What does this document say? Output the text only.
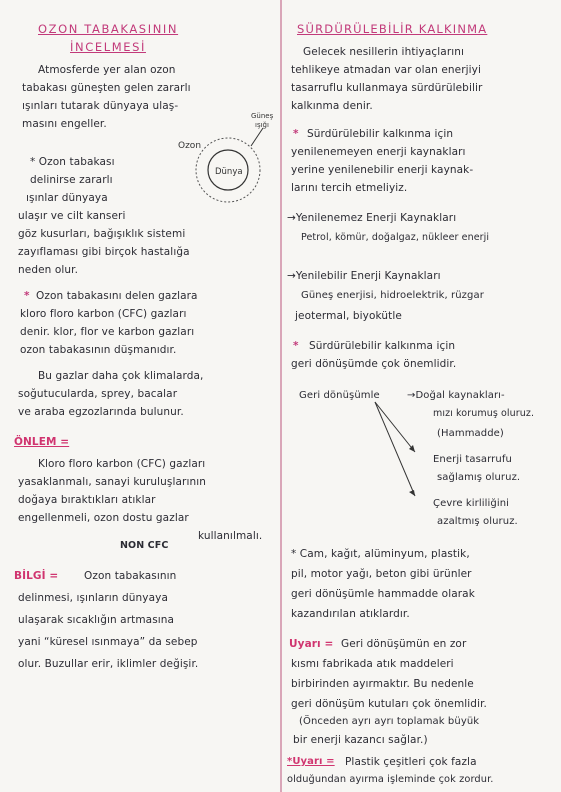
OZON TABAKASININ
İNCELMESİ
Atmosferde yer alan ozon
tabakası güneşten gelen zararlı
ışınları tutarak dünyaya ulaş-
masını engeller.
Ozon
Dünya
Güneş
ışığı
* Ozon tabakası
delinirse zararlı
ışınlar dünyaya
ulaşır ve cilt kanseri
göz kusurları, bağışıklık sistemi
zayıflaması gibi birçok hastalığa
neden olur.
* Ozon tabakasını delen gazlara
kloro floro karbon (CFC) gazları
denir. klor, flor ve karbon gazları
ozon tabakasının düşmanıdır.
Bu gazlar daha çok klimalarda,
soğutucularda, sprey, bacalar
ve araba egzozlarında bulunur.
ÖNLEM =
Kloro floro karbon (CFC) gazları
yasaklanmalı, sanayi kuruluşlarının
doğaya bıraktıkları atıklar
engellenmeli, ozon dostu gazlar
kullanılmalı.
NON CFC
BİLGİ = Ozon tabakasının
delinmesi, ışınların dünyaya
ulaşarak sıcaklığın artmasına
yani “küresel ısınmaya” da sebep
olur. Buzullar erir, iklimler değişir.
SÜRDÜRÜLEBİLİR KALKINMA
Gelecek nesillerin ihtiyaçlarını
tehlikeye atmadan var olan enerjiyi
tasarruflu kullanmaya sürdürülebilir
kalkınma denir.
* Sürdürülebilir kalkınma için
yenilenemeyen enerji kaynakları
yerine yenilenebilir enerji kaynak-
larını tercih etmeliyiz.
→Yenilenemez Enerji Kaynakları
Petrol, kömür, doğalgaz, nükleer enerji
→Yenilebilir Enerji Kaynakları
Güneş enerjisi, hidroelektrik, rüzgar
jeotermal, biyokütle
* Sürdürülebilir kalkınma için
geri dönüşümde çok önemlidir.
Geri dönüşümle	→Doğal kaynakları-
mızı korumuş oluruz.
(Hammadde)
Enerji tasarrufu
sağlamış oluruz.
Çevre kirliliğini
azaltmış oluruz.
* Cam, kağıt, alüminyum, plastik,
pil, motor yağı, beton gibi ürünler
geri dönüşümle hammadde olarak
kazandırılan atıklardır.
Uyarı = Geri dönüşümün en zor
kısmı fabrikada atık maddeleri
birbirinden ayırmaktır. Bu nedenle
geri dönüşüm kutuları çok önemlidir.
(Önceden ayrı ayrı toplamak büyük
bir enerji kazancı sağlar.)
*Uyarı = Plastik çeşitleri çok fazla
olduğundan ayırma işleminde çok zordur.
